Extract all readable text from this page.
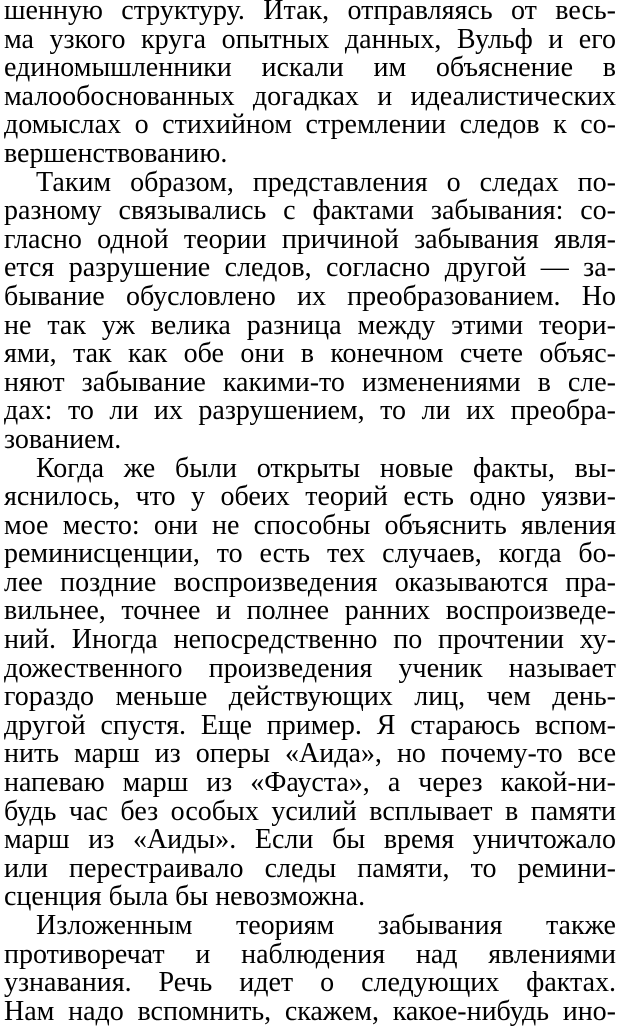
шенную структуру. Итак, отправляясь от весь-
ма узкого круга опытных данных, Вульф и его
единомышленники искали им объяснение в
малообоснованных догадках и идеалистических
домыслах о стихийном стремлении следов к со-
вершенствованию.
Таким образом, представления о следах по-
разному связывались с фактами забывания: со-
гласно одной теории причиной забывания явля-
ется разрушение следов, согласно другой — за-
бывание обусловлено их преобразованием. Но
не так уж велика разница между этими теори-
ями, так как обе они в конечном счете объяс-
няют забывание какими-то изменениями в сле-
дах: то ли их разрушением, то ли их преобра-
зованием.
Когда же были открыты новые факты, вы-
яснилось, что у обеих теорий есть одно уязви-
мое место: они не способны объяснить явления
реминисценции, то есть тех случаев, когда бо-
лее поздние воспроизведения оказываются пра-
вильнее, точнее и полнее ранних воспроизведе-
ний. Иногда непосредственно по прочтении ху-
дожественного произведения ученик называет
гораздо меньше действующих лиц, чем день-
другой спустя. Еще пример. Я стараюсь вспом-
нить марш из оперы «Аида», но почему-то все
напеваю марш из «Фауста», а через какой-ни-
будь час без особых усилий всплывает в памяти
марш из «Аиды». Если бы время уничтожало
или перестраивало следы памяти, то ремини-
сценция была бы невозможна.
Изложенным теориям забывания также
противоречат и наблюдения над явлениями
узнавания. Речь идет о следующих фактах.
Нам надо вспомнить, скажем, какое-нибудь ино-
